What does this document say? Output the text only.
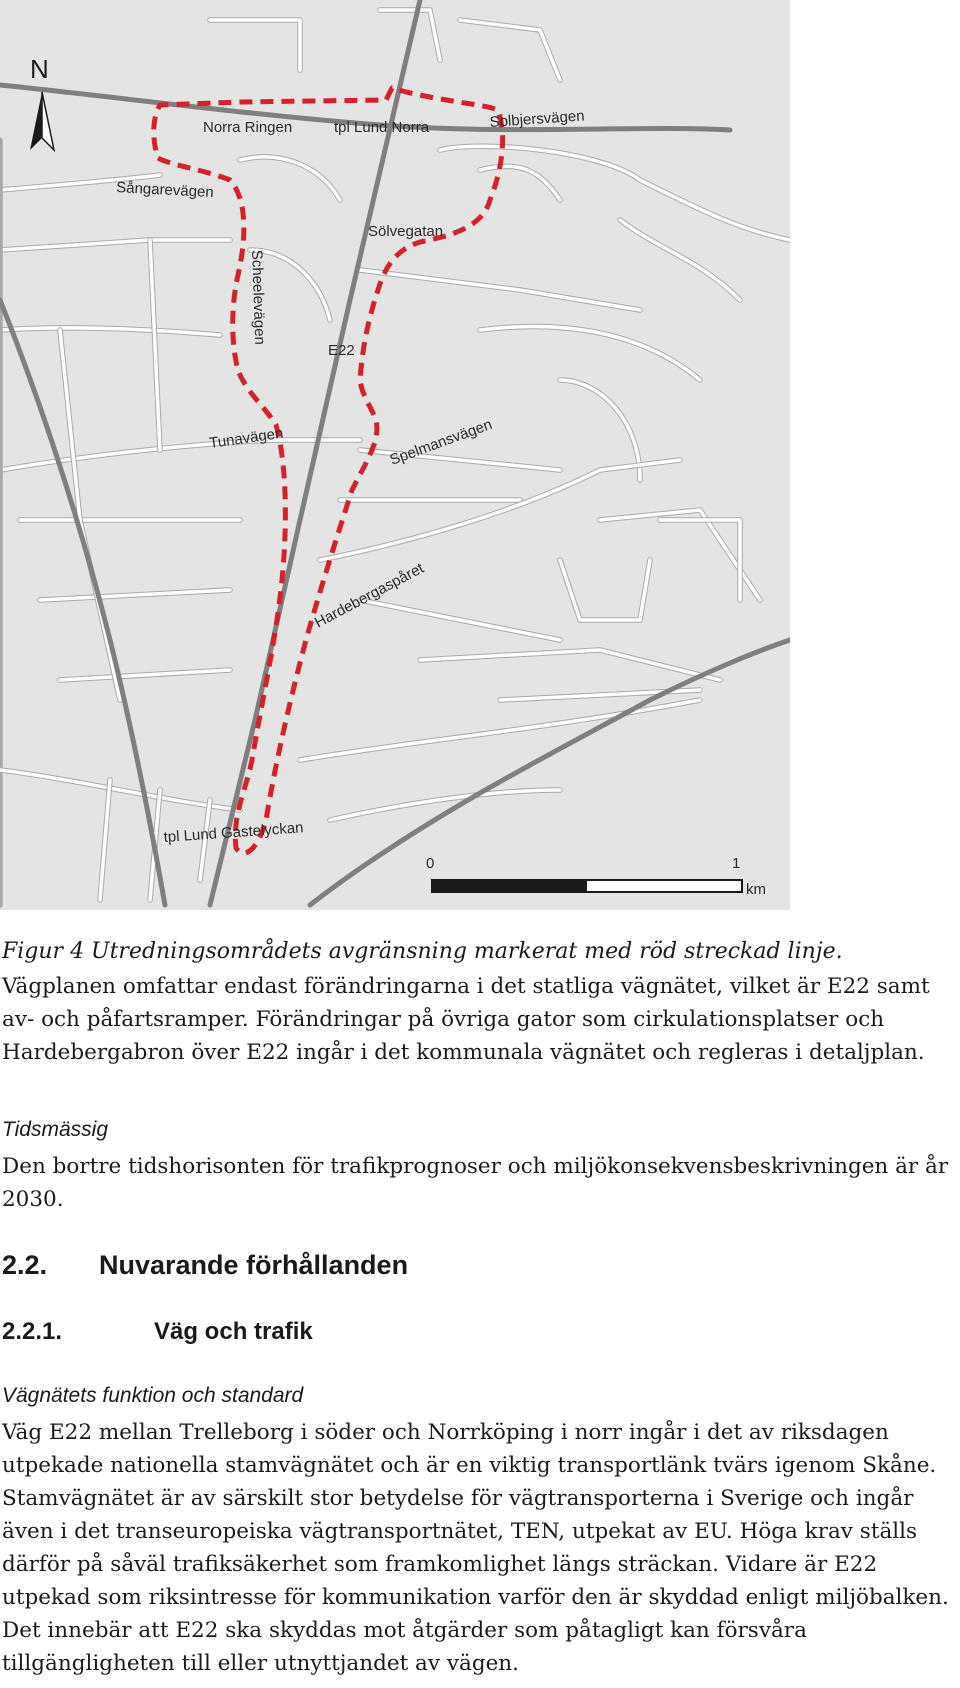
N
Norra Ringen	tpl Lund Norra	Solbjersvägen
Sångarevägen
Sölvegatan
Scheelevägen
E22
Tunavägen	Spelmansvägen
Hardebergaspåret
tpl Lund Gastelyckan
0	1
km

Figur 4 Utredningsområdets avgränsning markerat med röd streckad linje.

Vägplanen omfattar endast förändringarna i det statliga vägnätet, vilket är E22 samt av- och påfartsramper. Förändringar på övriga gator som cirkulationsplatser och Hardebergabron över E22 ingår i det kommunala vägnätet och regleras i detaljplan.

Tidsmässig

Den bortre tidshorisonten för trafikprognoser och miljökonsekvensbeskrivningen är år 2030.

2.2.	Nuvarande förhållanden
2.2.1.	Väg och trafik

Vägnätets funktion och standard

Väg E22 mellan Trelleborg i söder och Norrköping i norr ingår i det av riksdagen utpekade nationella stamvägnätet och är en viktig transportlänk tvärs igenom Skåne. Stamvägnätet är av särskilt stor betydelse för vägtransporterna i Sverige och ingår även i det transeuropeiska vägtransportnätet, TEN, utpekat av EU. Höga krav ställs därför på såväl trafiksäkerhet som framkomlighet längs sträckan. Vidare är E22 utpekad som riksintresse för kommunikation varför den är skyddad enligt miljöbalken. Det innebär att E22 ska skyddas mot åtgärder som påtagligt kan försvåra tillgängligheten till eller utnyttjandet av vägen.
